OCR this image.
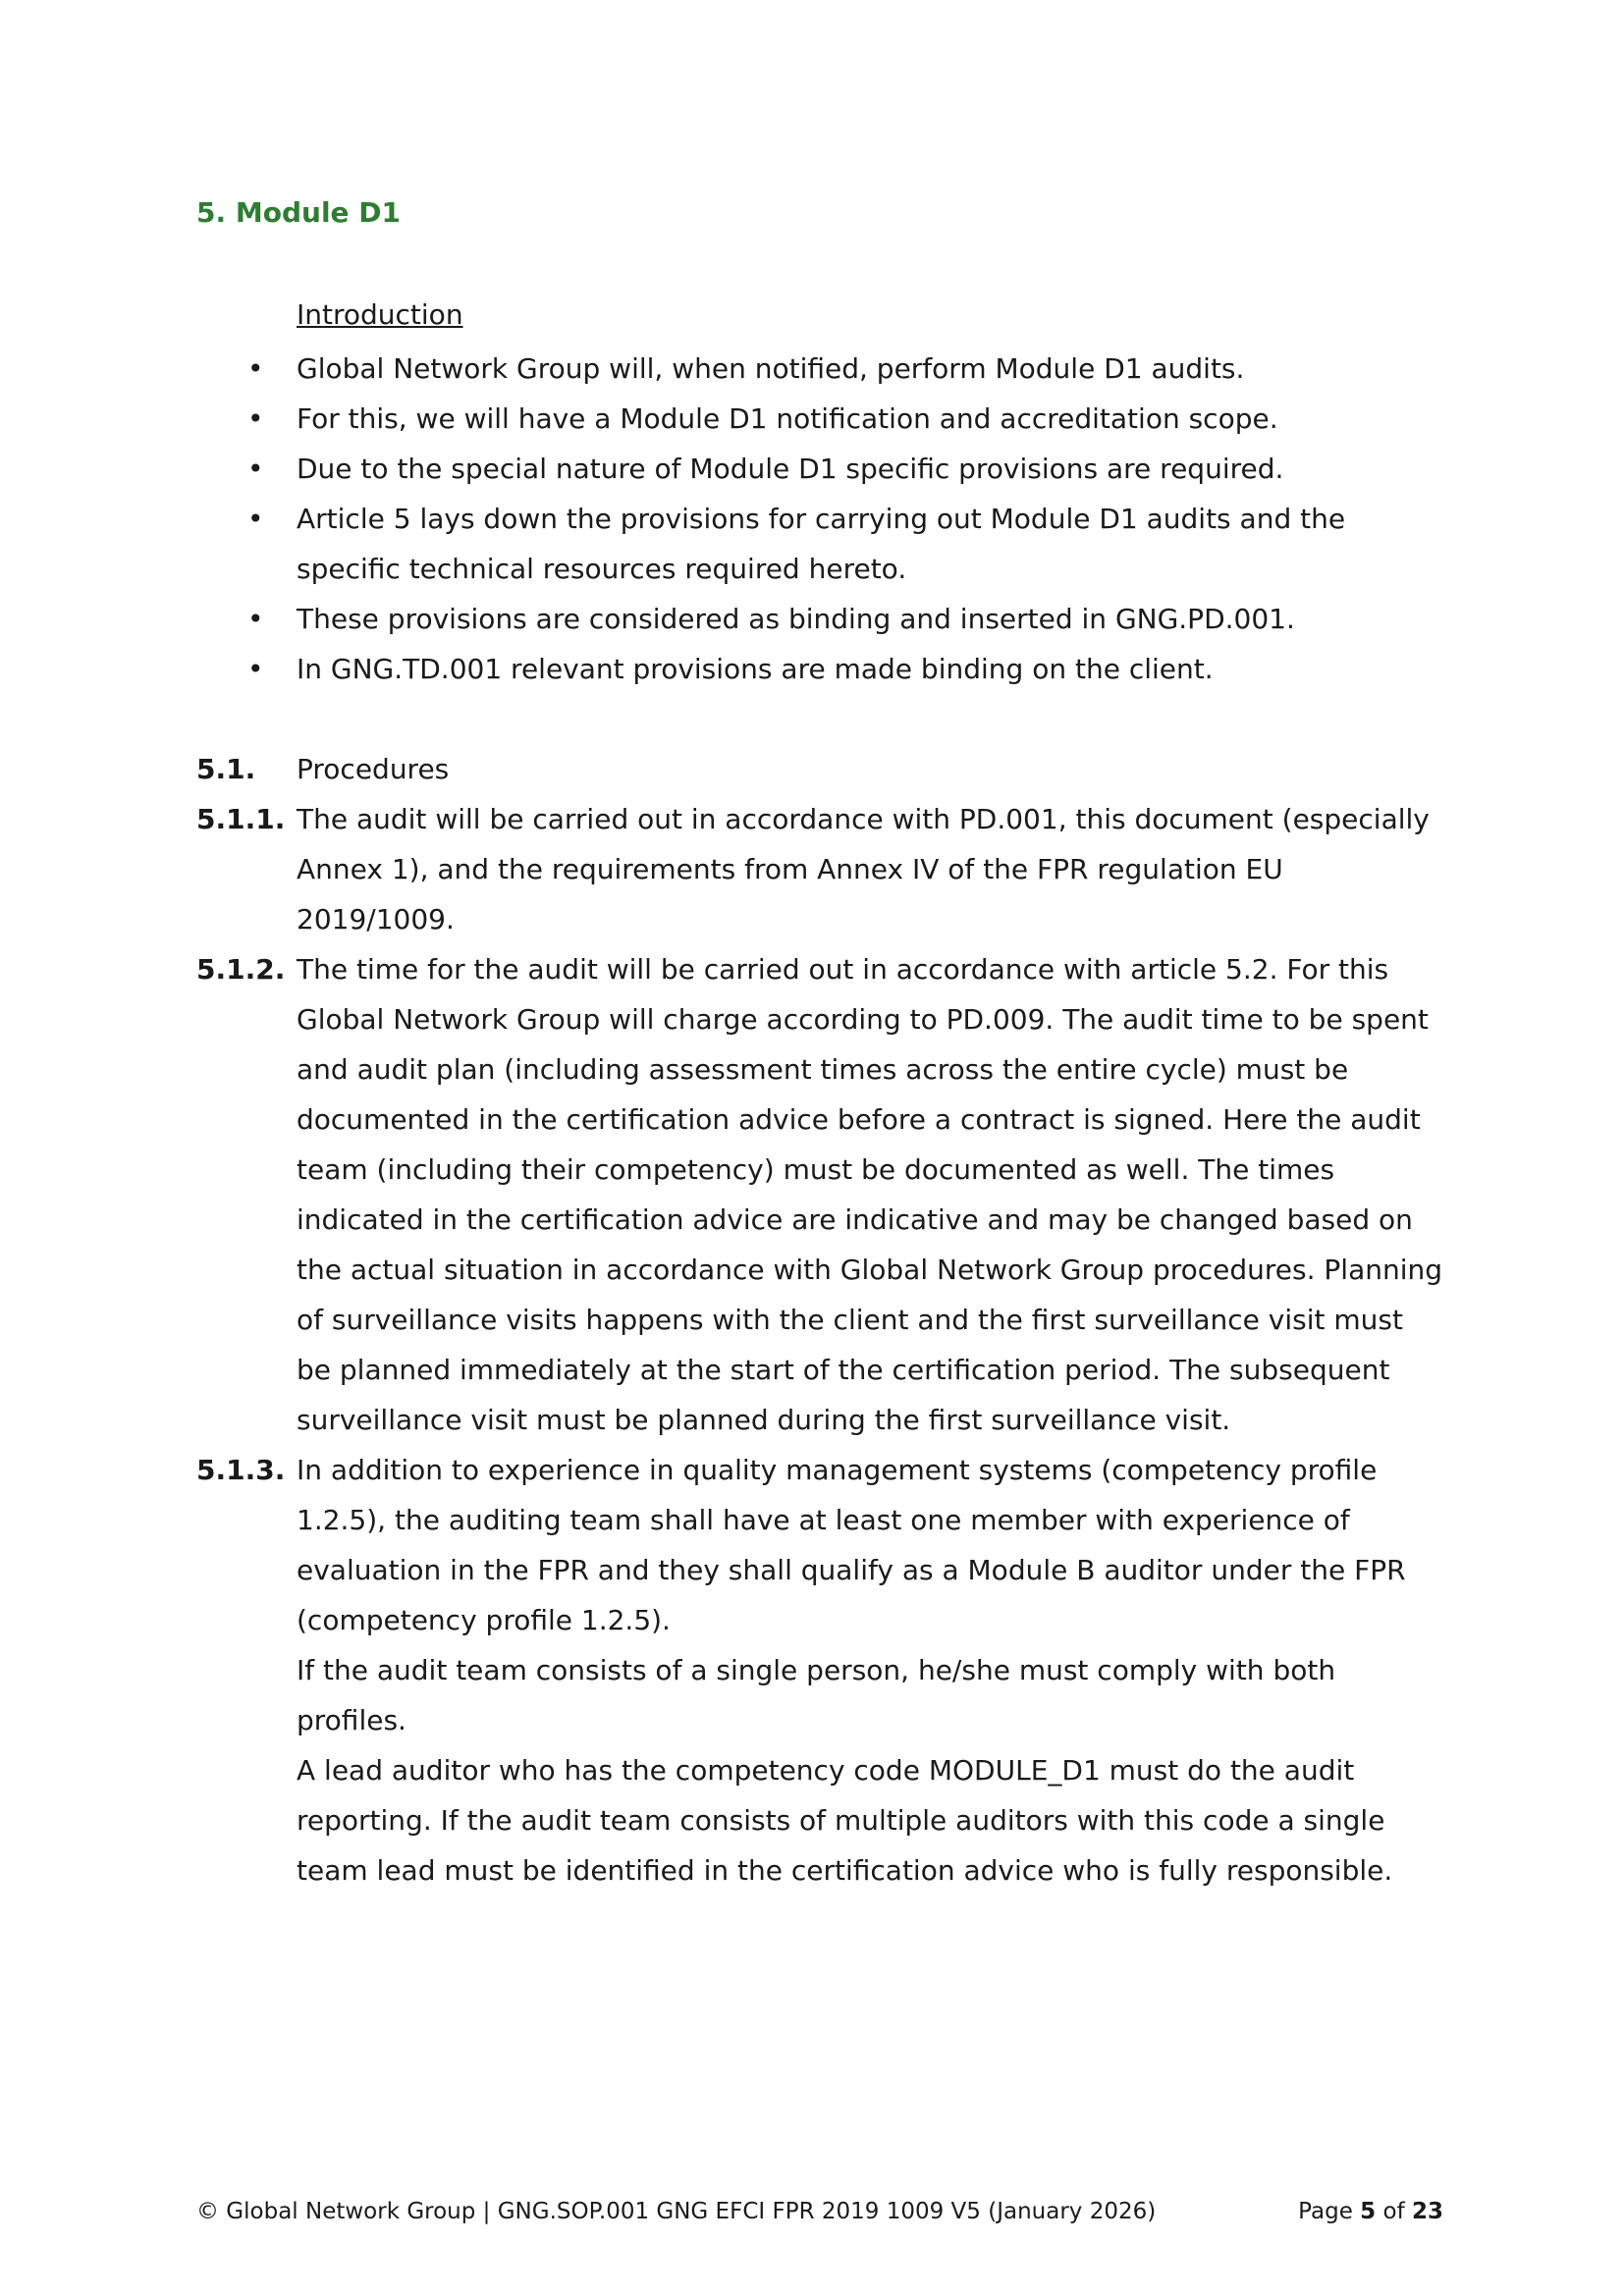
5. Module D1
Introduction
• Global Network Group will, when notified, perform Module D1 audits.
• For this, we will have a Module D1 notification and accreditation scope.
• Due to the special nature of Module D1 specific provisions are required.
• Article 5 lays down the provisions for carrying out Module D1 audits and the specific technical resources required hereto.
• These provisions are considered as binding and inserted in GNG.PD.001.
• In GNG.TD.001 relevant provisions are made binding on the client.
5.1.	Procedures
5.1.1. The audit will be carried out in accordance with PD.001, this document (especially Annex 1), and the requirements from Annex IV of the FPR regulation EU 2019/1009.
5.1.2. The time for the audit will be carried out in accordance with article 5.2. For this Global Network Group will charge according to PD.009. The audit time to be spent and audit plan (including assessment times across the entire cycle) must be documented in the certification advice before a contract is signed. Here the audit team (including their competency) must be documented as well. The times indicated in the certification advice are indicative and may be changed based on the actual situation in accordance with Global Network Group procedures. Planning of surveillance visits happens with the client and the first surveillance visit must be planned immediately at the start of the certification period. The subsequent surveillance visit must be planned during the first surveillance visit.
5.1.3. In addition to experience in quality management systems (competency profile 1.2.5), the auditing team shall have at least one member with experience of evaluation in the FPR and they shall qualify as a Module B auditor under the FPR (competency profile 1.2.5).
If the audit team consists of a single person, he/she must comply with both profiles.
A lead auditor who has the competency code MODULE_D1 must do the audit reporting. If the audit team consists of multiple auditors with this code a single team lead must be identified in the certification advice who is fully responsible.
© Global Network Group | GNG.SOP.001 GNG EFCI FPR 2019 1009 V5 (January 2026)	Page 5 of 23
